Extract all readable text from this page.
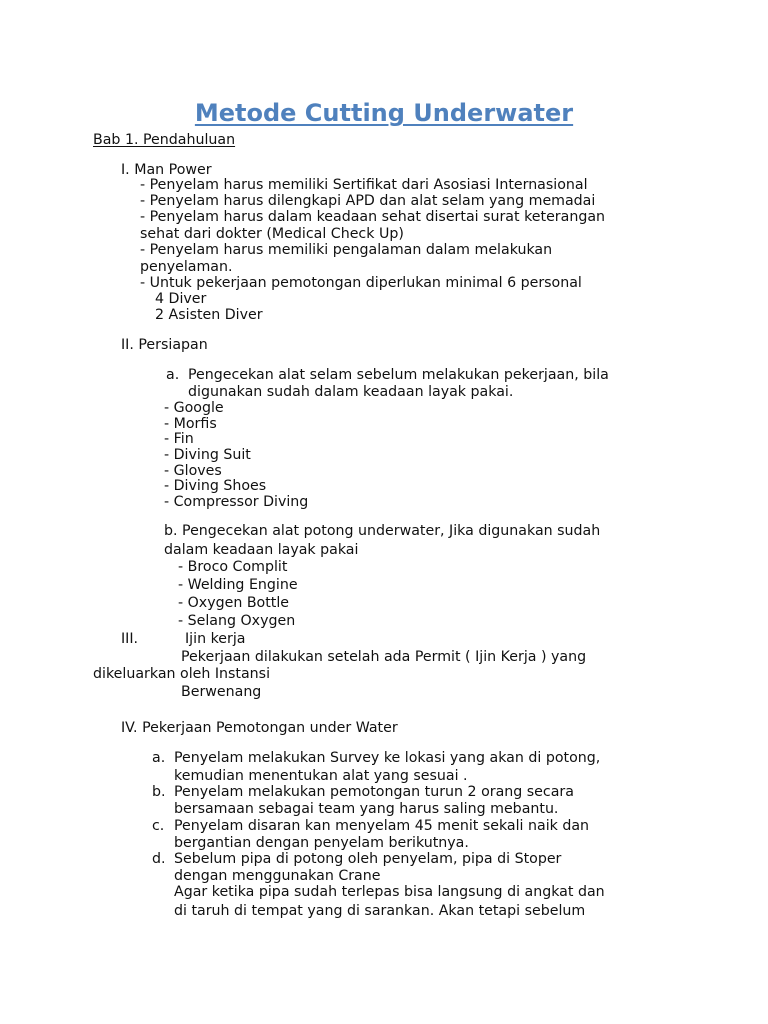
Metode Cutting Underwater

Bab 1. Pendahuluan

I. Man Power

- Penyelam harus memiliki Sertifikat dari Asosiasi Internasional

- Penyelam harus dilengkapi APD dan alat selam yang memadai

- Penyelam harus dalam keadaan sehat disertai surat keterangan

sehat dari dokter (Medical Check Up)

- Penyelam harus memiliki pengalaman dalam melakukan

penyelaman.

- Untuk pekerjaan pemotongan diperlukan minimal 6 personal

4 Diver

2 Asisten Diver

II. Persiapan

a. Pengecekan alat selam sebelum melakukan pekerjaan, bila

digunakan sudah dalam keadaan layak pakai.

- Google

- Morfis

- Fin

- Diving Suit

- Gloves

- Diving Shoes

- Compressor Diving

b. Pengecekan alat potong underwater, Jika digunakan sudah

dalam keadaan layak pakai

- Broco Complit

- Welding Engine

- Oxygen Bottle

- Selang Oxygen

III.	Ijin kerja

Pekerjaan dilakukan setelah ada Permit ( Ijin Kerja ) yang

dikeluarkan oleh Instansi

Berwenang

IV. Pekerjaan Pemotongan under Water

a. Penyelam melakukan Survey ke lokasi yang akan di potong,

kemudian menentukan alat yang sesuai .

b. Penyelam melakukan pemotongan turun 2 orang secara

bersamaan sebagai team yang harus saling mebantu.

c. Penyelam disaran kan menyelam 45 menit sekali naik dan

bergantian dengan penyelam berikutnya.

d. Sebelum pipa di potong oleh penyelam, pipa di Stoper

dengan menggunakan Crane

Agar ketika pipa sudah terlepas bisa langsung di angkat dan

di taruh di tempat yang di sarankan. Akan tetapi sebelum
